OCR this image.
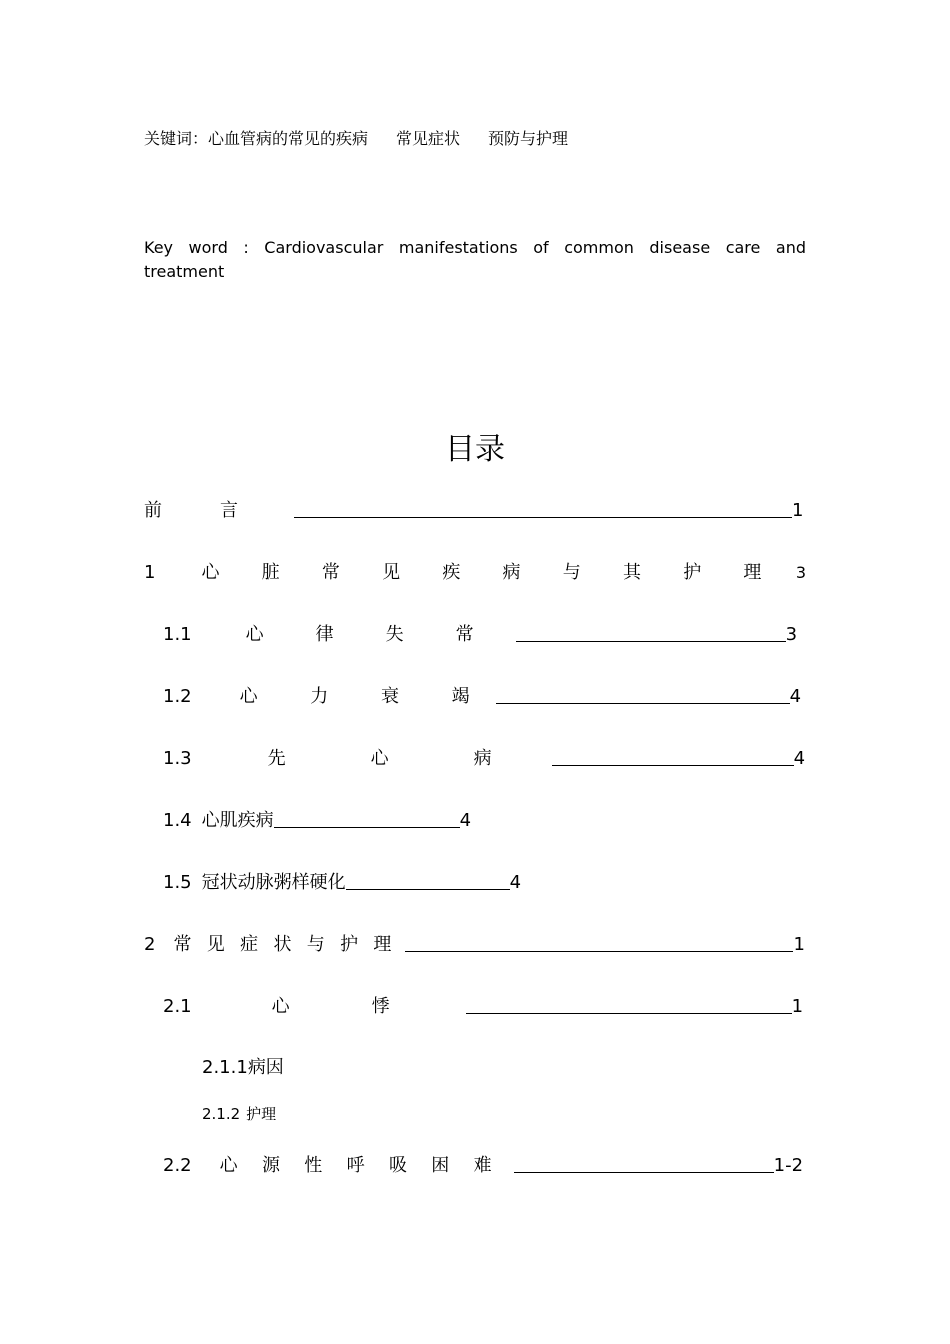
关键词：心血管病的常见的疾病 常见症状 预防与护理
Key word : Cardiovascular manifestations of common disease care and treatment
目录
前	言	1
1	心 脏 常 见 疾 病 与 其 护 理 3
1.1	心	律	失	常	3
1.2	心	力	衰	竭	4
1.3	先	心	病	4
1.4 心肌疾病	4
1.5 冠状动脉粥样硬化	4
2 常 见 症 状 与 护 理	1
2.1	心	悸	1
2.1.1 病因
2.1.2 护理
2.2 心 源 性 呼 吸 困 难	1-2
